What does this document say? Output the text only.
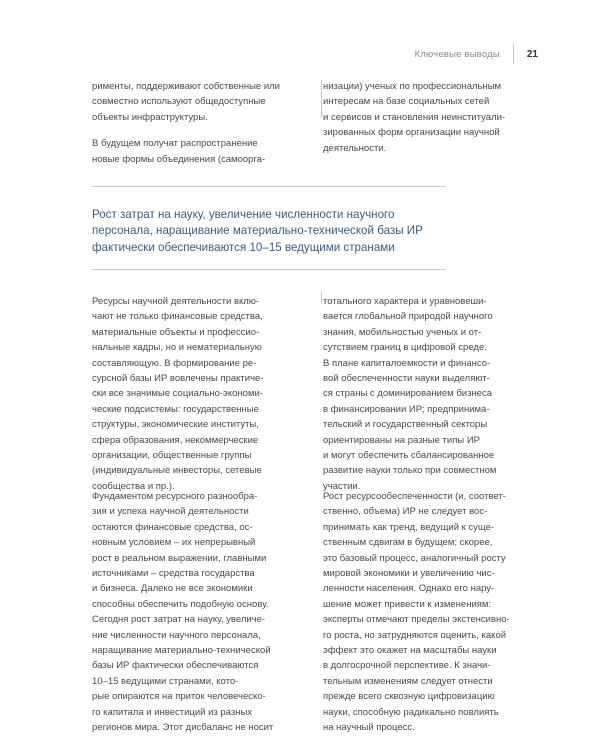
Ключевые выводы	21

рименты, поддерживают собственные или
совместно используют общедоступные
объекты инфраструктуры.

В будущем получат распространение
новые формы объединения (самоорга-

низации) ученых по профессиональным
интересам на базе социальных сетей
и сервисов и становления неинституали-
зированных форм организации научной
деятельности.

Рост затрат на науку, увеличение численности научного
персонала, наращивание материально-технической базы ИР
фактически обеспечиваются 10–15 ведущими странами

Ресурсы научной деятельности вклю-
чают не только финансовые средства,
материальные объекты и профессио-
нальные кадры, но и нематериальную
составляющую. В формирование ре-
сурсной базы ИР вовлечены практиче-
ски все значимые социально-экономи-
ческие подсистемы: государственные
структуры, экономические институты,
сфера образования, некоммерческие
организации, общественные группы
(индивидуальные инвесторы, сетевые
сообщества и пр.).

тотального характера и уравновеши-
вается глобальной природой научного
знания, мобильностью ученых и от-
сутствием границ в цифровой среде.

В плане капиталоемкости и финансо-
вой обеспеченности науки выделяют-
ся страны с доминированием бизнеса
в финансировании ИР; предпринима-
тельский и государственный секторы
ориентированы на разные типы ИР
и могут обеспечить сбалансированное
развитие науки только при совместном
участии.

Фундаментом ресурсного разнообра-
зия и успеха научной деятельности
остаются финансовые средства, ос-
новным условием – их непрерывный
рост в реальном выражении, главными
источниками – средства государства
и бизнеса. Далеко не все экономики
способны обеспечить подобную основу.
Сегодня рост затрат на науку, увеличе-
ние численности научного персонала,
наращивание материально-технической
базы ИР фактически обеспечиваются
10–15 ведущими странами, кото-
рые опираются на приток человеческо-
го капитала и инвестиций из разных
регионов мира. Этот дисбаланс не носит

Рост ресурсообеспеченности (и, соответ-
ственно, объема) ИР не следует вос-
принимать как тренд, ведущий к суще-
ственным сдвигам в будущем; скорее,
это базовый процесс, аналогичный росту
мировой экономики и увеличению чис-
ленности населения. Однако его нару-
шение может привести к изменениям:
эксперты отмечают пределы экстенсивно-
го роста, но затрудняются оценить, какой
эффект это окажет на масштабы науки
в долгосрочной перспективе. К значи-
тельным изменениям следует отнести
прежде всего сквозную цифровизацию
науки, способную радикально повлиять
на научный процесс.
